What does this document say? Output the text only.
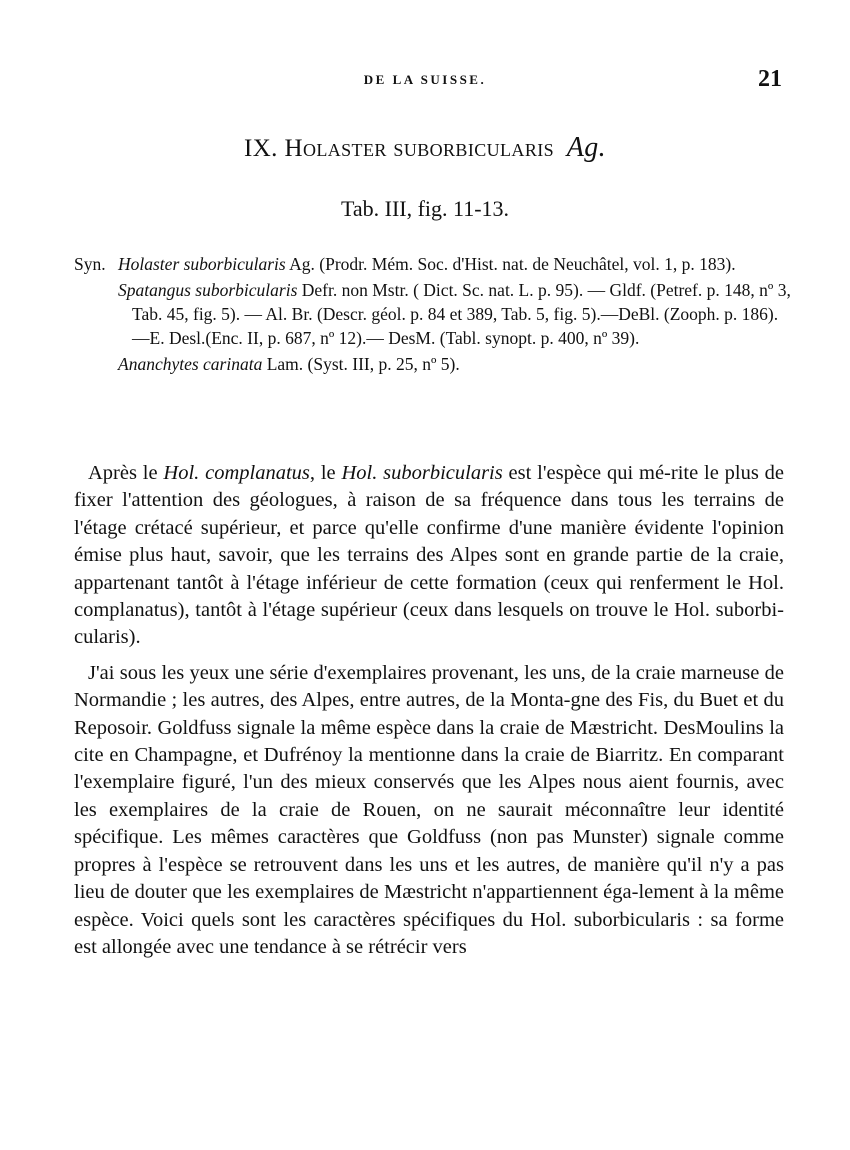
DE LA SUISSE.	21
IX. Holaster suborbicularis Ag.
Tab. III, fig. 11-13.
Syn. Holaster suborbicularis Ag. (Prodr. Mém. Soc. d'Hist. nat. de Neuchâtel, vol. 1, p. 183).
Spatangus suborbicularis Defr. non Mstr. ( Dict. Sc. nat. L. p. 95). — Gldf. (Petref. p. 148, nº 3, Tab. 45, fig. 5). — Al. Br. (Descr. géol. p. 84 et 389, Tab. 5, fig. 5).—DeBl. (Zooph. p. 186).—E. Desl.(Enc. II, p. 687, nº 12).— DesM. (Tabl. synopt. p. 400, nº 39).
Ananchytes carinata Lam. (Syst. III, p. 25, nº 5).

Après le Hol. complanatus, le Hol. suborbicularis est l'espèce qui mé-rite le plus de fixer l'attention des géologues, à raison de sa fréquence dans tous les terrains de l'étage crétacé supérieur, et parce qu'elle confirme d'une manière évidente l'opinion émise plus haut, savoir, que les terrains des Alpes sont en grande partie de la craie, appartenant tantôt à l'étage inférieur de cette formation (ceux qui renferment le Hol. complanatus), tantôt à l'étage supérieur (ceux dans lesquels on trouve le Hol. suborbi-cularis).

J'ai sous les yeux une série d'exemplaires provenant, les uns, de la craie marneuse de Normandie ; les autres, des Alpes, entre autres, de la Monta-gne des Fis, du Buet et du Reposoir. Goldfuss signale la même espèce dans la craie de Mæstricht. DesMoulins la cite en Champagne, et Dufrénoy la mentionne dans la craie de Biarritz. En comparant l'exemplaire figuré, l'un des mieux conservés que les Alpes nous aient fournis, avec les exemplaires de la craie de Rouen, on ne saurait méconnaître leur identité spécifique. Les mêmes caractères que Goldfuss (non pas Munster) signale comme propres à l'espèce se retrouvent dans les uns et les autres, de manière qu'il n'y a pas lieu de douter que les exemplaires de Mæstricht n'appartiennent éga-lement à la même espèce. Voici quels sont les caractères spécifiques du Hol. suborbicularis : sa forme est allongée avec une tendance à se rétrécir vers
